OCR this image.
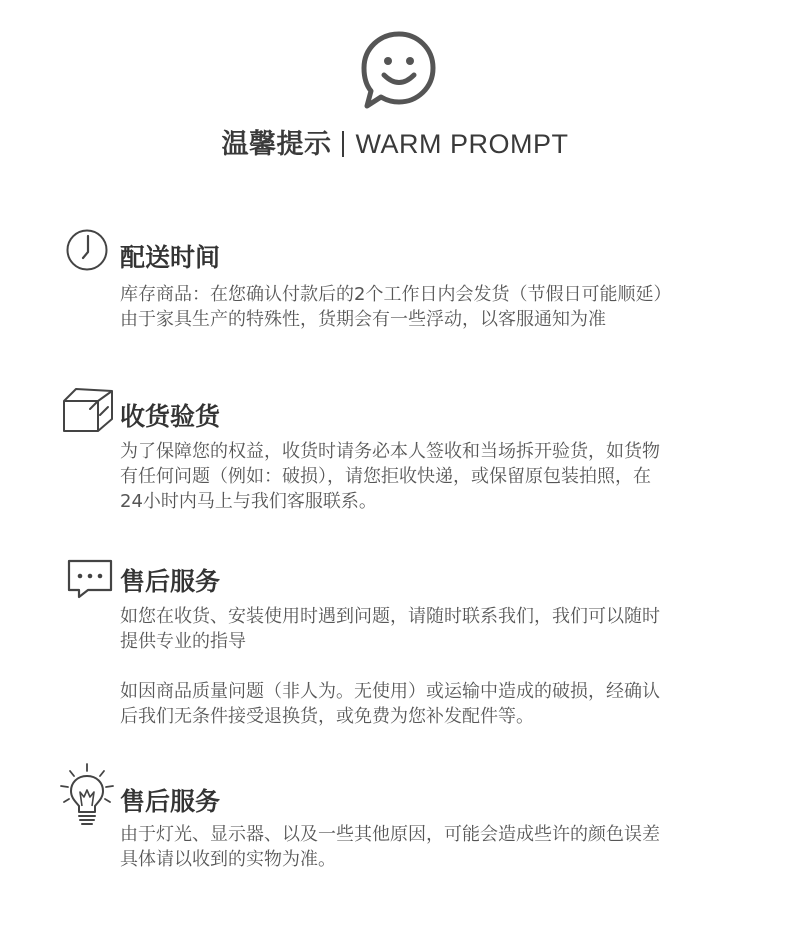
温馨提示 WARM PROMPT
配送时间

库存商品：在您确认付款后的2个工作日内会发货（节假日可能顺延）

由于家具生产的特殊性，货期会有一些浮动，以客服通知为准

收货验货

为了保障您的权益，收货时请务必本人签收和当场拆开验货，如货物

有任何问题（例如：破损），请您拒收快递，或保留原包装拍照，在

24小时内马上与我们客服联系。

售后服务

如您在收货、安装使用时遇到问题，请随时联系我们，我们可以随时

提供专业的指导

如因商品质量问题（非人为。无使用）或运输中造成的破损，经确认

后我们无条件接受退换货，或免费为您补发配件等。

售后服务

由于灯光、显示器、以及一些其他原因，可能会造成些许的颜色误差

具体请以收到的实物为准。
